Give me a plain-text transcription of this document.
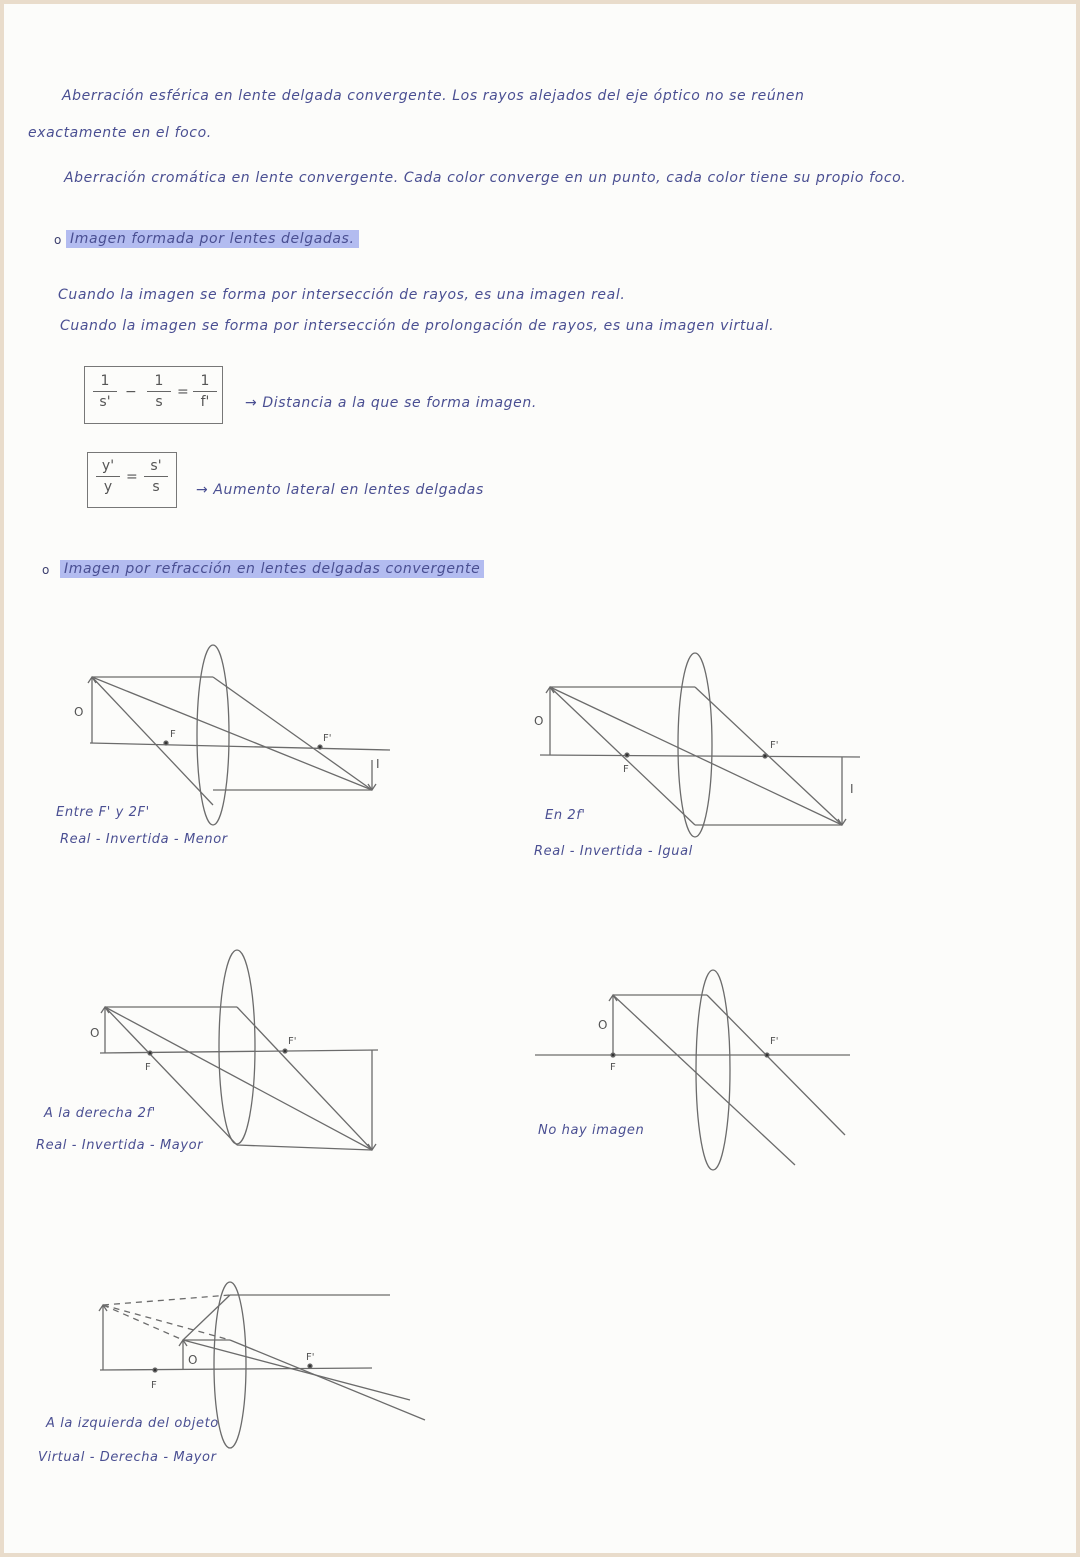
Aberración esférica en lente delgada convergente. Los rayos alejados del eje óptico no se reúnen
exactamente en el foco.
Aberración cromática en lente convergente. Cada color converge en un punto, cada color tiene su propio foco.
o Imagen formada por lentes delgadas.
Cuando la imagen se forma por intersección de rayos, es una imagen real.
Cuando la imagen se forma por intersección de prolongación de rayos, es una imagen virtual.
1
s'
−
1
s
=
1
f'	→ Distancia a la que se forma imagen.
y'
y
=
s'
s	→ Aumento lateral en lentes delgadas
o Imagen por refracción en lentes delgadas convergente
O
F	F'
I
Entre F' y 2F'
Real - Invertida - Menor
O
F
F'
I
En 2f'
Real - Invertida - Igual
O
F
F'
A la derecha 2f'
Real - Invertida - Mayor
O
F
F'
No hay imagen
O
F
F'
A la izquierda del objeto
Virtual - Derecha - Mayor
